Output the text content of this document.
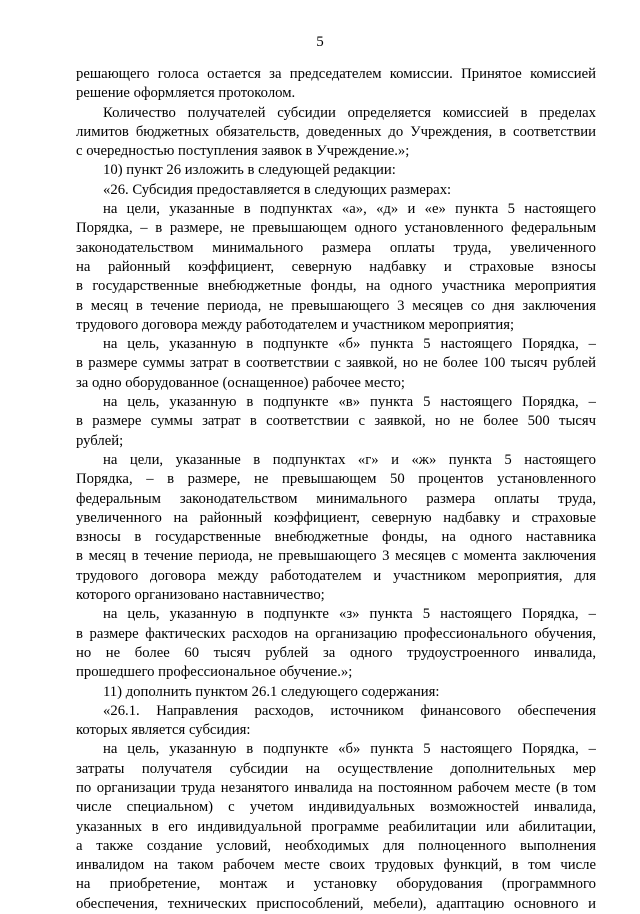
5
решающего голоса остается за председателем комиссии. Принятое комиссией
решение оформляется протоколом.
Количество получателей субсидии определяется комиссией в пределах
лимитов бюджетных обязательств, доведенных до Учреждения, в соответствии
с очередностью поступления заявок в Учреждение.»;
10) пункт 26 изложить в следующей редакции:
«26. Субсидия предоставляется в следующих размерах:
на цели, указанные в подпунктах «а», «д» и «е» пункта 5 настоящего
Порядка, – в размере, не превышающем одного установленного федеральным
законодательством минимального размера оплаты труда, увеличенного
на районный коэффициент, северную надбавку и страховые взносы
в государственные внебюджетные фонды, на одного участника мероприятия
в месяц в течение периода, не превышающего 3 месяцев со дня заключения
трудового договора между работодателем и участником мероприятия;
на цель, указанную в подпункте «б» пункта 5 настоящего Порядка, –
в размере суммы затрат в соответствии с заявкой, но не более 100 тысяч рублей
за одно оборудованное (оснащенное) рабочее место;
на цель, указанную в подпункте «в» пункта 5 настоящего Порядка, –
в размере суммы затрат в соответствии с заявкой, но не более 500 тысяч
рублей;
на цели, указанные в подпунктах «г» и «ж» пункта 5 настоящего
Порядка, – в размере, не превышающем 50 процентов установленного
федеральным законодательством минимального размера оплаты труда,
увеличенного на районный коэффициент, северную надбавку и страховые
взносы в государственные внебюджетные фонды, на одного наставника
в месяц в течение периода, не превышающего 3 месяцев с момента заключения
трудового договора между работодателем и участником мероприятия, для
которого организовано наставничество;
на цель, указанную в подпункте «з» пункта 5 настоящего Порядка, –
в размере фактических расходов на организацию профессионального обучения,
но не более 60 тысяч рублей за одного трудоустроенного инвалида,
прошедшего профессиональное обучение.»;
11) дополнить пунктом 26.1 следующего содержания:
«26.1. Направления расходов, источником финансового обеспечения
которых является субсидия:
на цель, указанную в подпункте «б» пункта 5 настоящего Порядка, –
затраты получателя субсидии на осуществление дополнительных мер
по организации труда незанятого инвалида на постоянном рабочем месте (в том
числе специальном) с учетом индивидуальных возможностей инвалида,
указанных в его индивидуальной программе реабилитации или абилитации,
а также создание условий, необходимых для полноценного выполнения
инвалидом на таком рабочем месте своих трудовых функций, в том числе
на приобретение, монтаж и установку оборудования (программного
обеспечения, технических приспособлений, мебели), адаптацию основного и
